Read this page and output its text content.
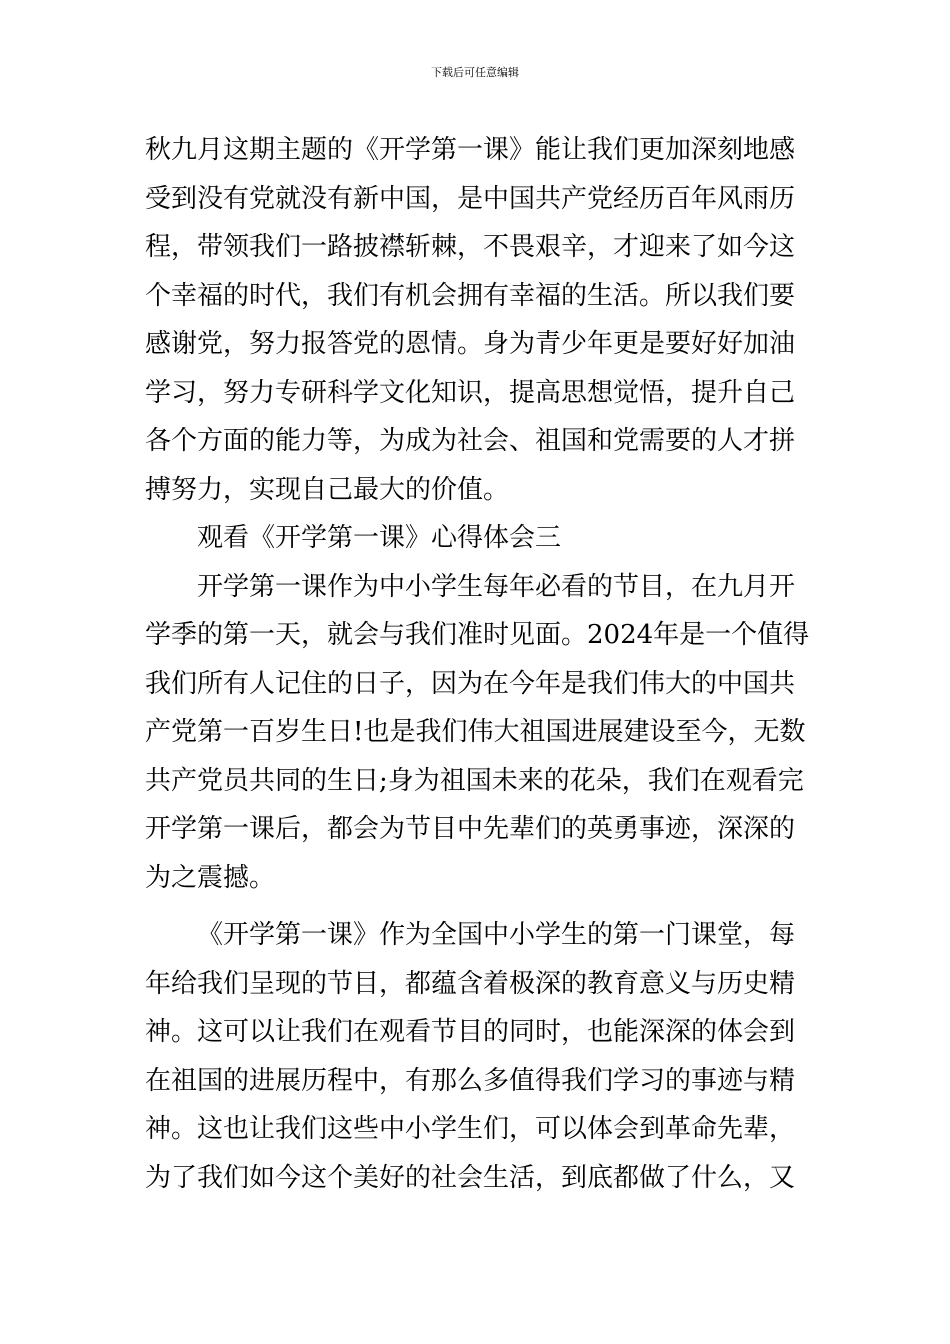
下载后可任意编辑
秋九月这期主题的《开学第一课》能让我们更加深刻地感
受到没有党就没有新中国，是中国共产党经历百年风雨历
程，带领我们一路披襟斩棘，不畏艰辛，才迎来了如今这
个幸福的时代，我们有机会拥有幸福的生活。所以我们要
感谢党，努力报答党的恩情。身为青少年更是要好好加油
学习，努力专研科学文化知识，提高思想觉悟，提升自己
各个方面的能力等，为成为社会、祖国和党需要的人才拼
搏努力，实现自己最大的价值。
观看《开学第一课》心得体会三
开学第一课作为中小学生每年必看的节目，在九月开
学季的第一天，就会与我们准时见面。2024年是一个值得
我们所有人记住的日子，因为在今年是我们伟大的中国共
产党第一百岁生日!也是我们伟大祖国进展建设至今，无数
共产党员共同的生日;身为祖国未来的花朵，我们在观看完
开学第一课后，都会为节目中先辈们的英勇事迹，深深的
为之震撼。
《开学第一课》作为全国中小学生的第一门课堂，每
年给我们呈现的节目，都蕴含着极深的教育意义与历史精
神。这可以让我们在观看节目的同时，也能深深的体会到
在祖国的进展历程中，有那么多值得我们学习的事迹与精
神。这也让我们这些中小学生们，可以体会到革命先辈，
为了我们如今这个美好的社会生活，到底都做了什么，又
